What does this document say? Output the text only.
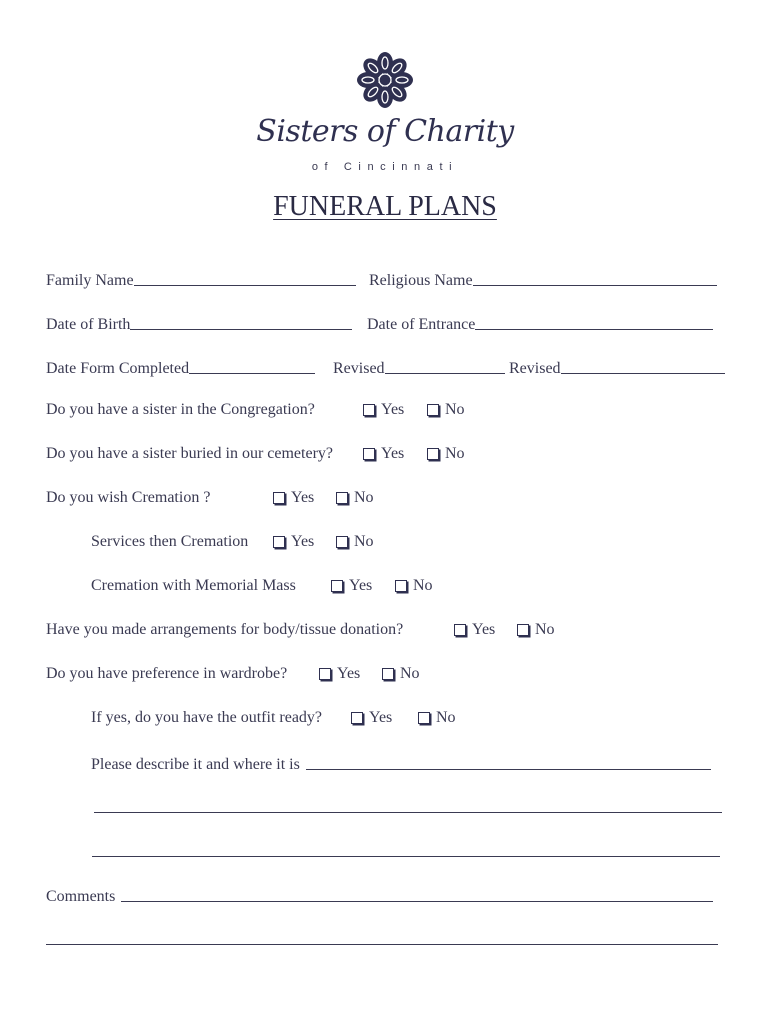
Sisters of Charity
of Cincinnati
FUNERAL PLANS
Family Name	Religious Name
Date of Birth	Date of Entrance
Date Form Completed	Revised	Revised
Do you have a sister in the Congregation?	Yes	No
Do you have a sister buried in our cemetery?	Yes	No
Do you wish Cremation ?	Yes No
Services then Cremation	Yes No
Cremation with Memorial Mass	Yes	No
Have you made arrangements for body/tissue donation?	Yes No
Do you have preference in wardrobe?	Yes No
If yes, do you have the outfit ready?	Yes	No
Please describe it and where it is
Comments
